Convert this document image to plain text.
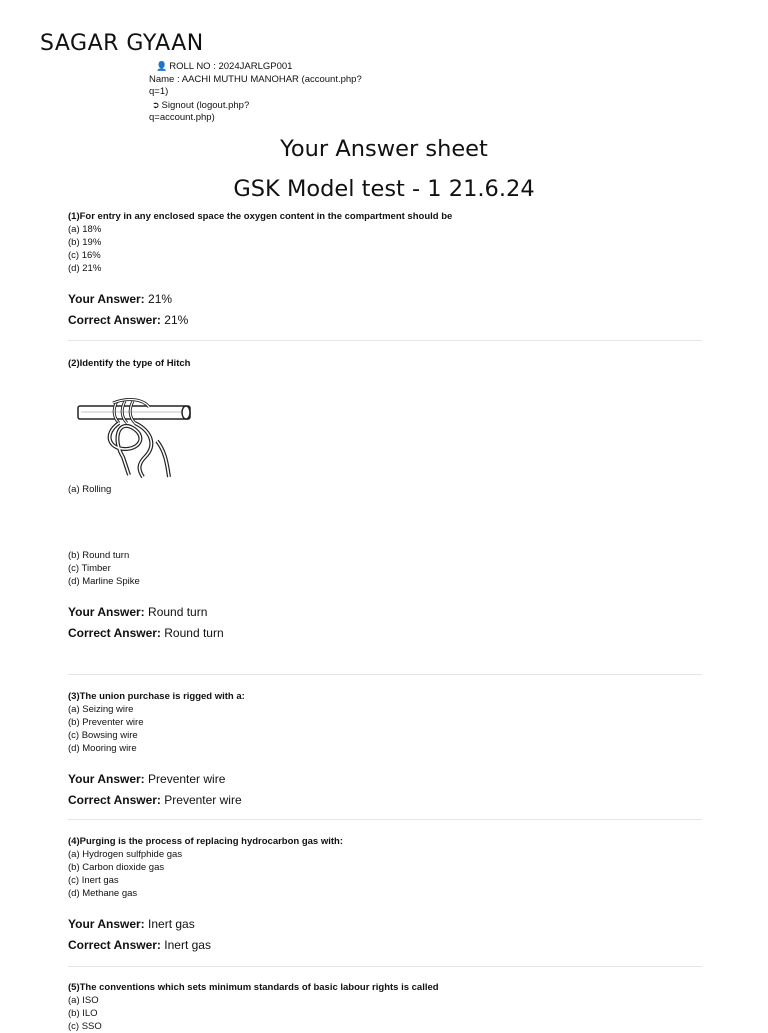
SAGAR GYAAN
👤 ROLL NO : 2024JARLGP001
Name : AACHI MUTHU MANOHAR (account.php?
q=1)
➲ Signout (logout.php?
q=account.php)
Your Answer sheet
GSK Model test - 1 21.6.24
(1)For entry in any enclosed space the oxygen content in the compartment should be
(a) 18%
(b) 19%
(c) 16%
(d) 21%
Your Answer: 21%
Correct Answer: 21%
(2)Identify the type of Hitch
(a) Rolling
(b) Round turn
(c) Timber
(d) Marline Spike
Your Answer: Round turn
Correct Answer: Round turn
(3)The union purchase is rigged with a:
(a) Seizing wire
(b) Preventer wire
(c) Bowsing wire
(d) Mooring wire
Your Answer: Preventer wire
Correct Answer: Preventer wire
(4)Purging is the process of replacing hydrocarbon gas with:
(a) Hydrogen sulfphide gas
(b) Carbon dioxide gas
(c) Inert gas
(d) Methane gas
Your Answer: Inert gas
Correct Answer: Inert gas
(5)The conventions which sets minimum standards of basic labour rights is called
(a) ISO
(b) ILO
(c) SSO
